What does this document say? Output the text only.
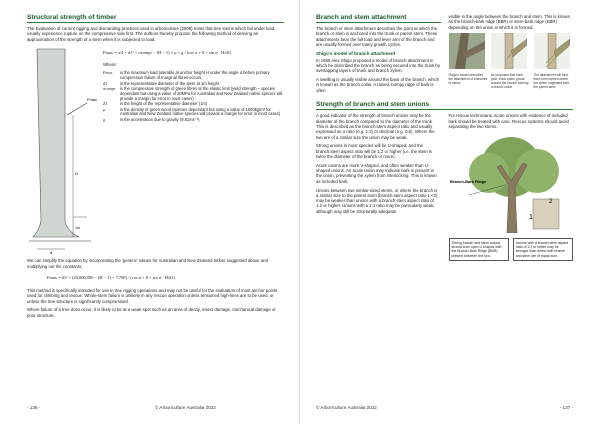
Structural strength of timber

The Evaluation of current rigging and dismantling practices used in arboriculture (2008) notes that tree stems which fail under load usually experience rupture on the compressive side first. The authors thereby propose the following method of deriving an approximation of the strength of a stem when it is subjected to load.

Fmax
H
1m
d
Fmax = π/4 × d1³ × σcompr − (H − 1) × ρ × g / (cos α + 8 × sin α · H/d1)

Where:

Fmax	is the maximum load tolerable at anchor height H under the angle α before primary compression failure of marginal fibres occurs,
d1	is the representative diameter of the stem at 1m height
σcompr	is the compressive strength of green fibres at the elastic limit (yield strength – species dependant but using a value of 20MPa for Australian and New Zealand native species will provide a margin for error in most cases)
Z1	is the height of the representative diameter (1m)
ρ	is the density of green wood (species dependant but using a value of 1000kg/m³ for Australian and New Zealand native species will provide a margin for error in most cases)
g	is the acceleration due to gravity (9.81ms⁻²)

We can simplify the equation by incorporating the 'generic' values for Australian and New Zealand timber suggested above and multiplying out the constants:

Fmax = d1³ × (20,000,000 − (H − 1) × 7,700) / (cos α + 8 × sin α · H/d1)

This method is specifically intended for use in tree rigging operations and may not be useful for the evaluation of most anchor points used for climbing and rescue. Whole-stem failure is unlikely in any rescue operation unless tensioned high-lines are to be used, or unless the tree structure is significantly compromised.

Where failure of a tree does occur, it is likely to be at a weak spot such as an area of decay, insect damage, mechanical damage or poor structure.

- 136 -	© Arboriculture Australia 2022
Branch and stem attachment

The branch or stem attachment describes the point at which the branch or stem is anchored into the trunk or parent stem. These attachments bear the full load and lever arm of the branch and are usually formed over many growth cycles.

Shigo's model of branch attachment

In 1985 Alex Shigo proposed a model of branch attachment in which he described the branch as being secured into the trunk by overlapping layers of trunk and branch xylem.

A swelling is usually visible around the base of the branch, which is known as the branch collar. A raised, bumpy ridge of bark is often

visible in the angle between the branch and stem. This is known as the branch-bark ridge (BBR) or stem-bark ridge (SBR) depending on the union in which it is formed.

Shigo's model describes the attachment of branches to stems
As proposed that each year, trunk xylem grows around the branch forming a branch collar
The attachment will form each form formed where the xylem originated from the parent stem
Strength of branch and stem unions

A good indicator of the strength of branch unions may be the diameter of the branch compared to the diameter of the trunk. This is described as the branch:stem aspect ratio and usually expressed as a ratio (e.g. 1:2) or decimal (e.g. 0.5). Where the two are of a similar size the union may be weak.

Strong unions in most species will be U-shaped, and the branch:stem aspect ratio will be 1:2 or higher (i.e. the stem is twice the diameter of the branch or more).

Acute unions are more V-shaped, and often weaker than U-shaped unions. An acute union may indicate bark is present in the union, preventing the xylem from interlocking. This is known as included bark.

Unions between two similar-sized stems, or where the branch is a similar size to the parent stem (branch:stem aspect ratio 1:<2), may be weaker than unions with a branch:stem aspect ratio of 1:2 or higher. Unions with a 1:1 ratio may be particularly weak, although may still be structurally adequate.

For rescue technicians, acute unions with evidence of included bark should be treated with care. Rescue systems should avoid separating the two stems.

Branch-Bark Ridge
1
2
Strong branch and stem unions should form open U shapes with the Branch-Bark Ridge (BBR) present between the two.
Unions with a branch:stem aspect ratio of 1:2 or better may be stronger than when both branch and stem are of equal size.
© Arboriculture Australia 2022	- 137 -
